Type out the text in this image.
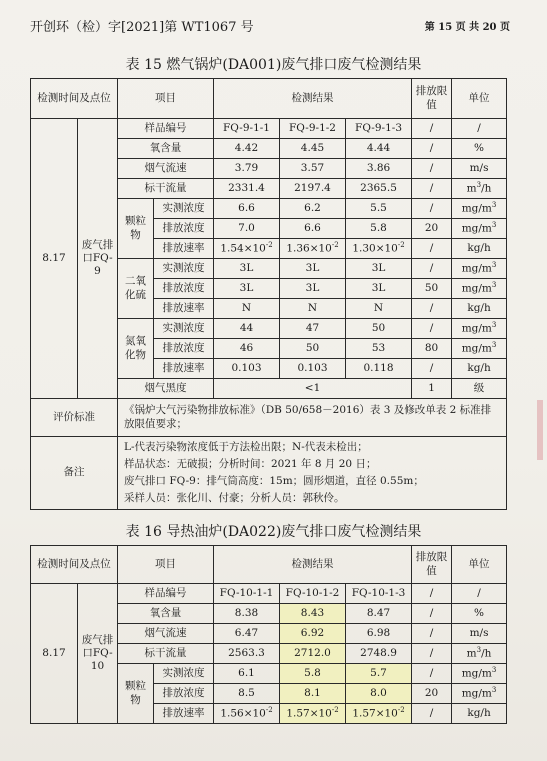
开创环（检）字[2021]第 WT1067 号	第 15 页 共 20 页
表 15 燃气锅炉(DA001)废气排口废气检测结果
检测时间及点位		项目		检测结果			排放限值	单位
8.17	废气排口FQ-9	样品编号		FQ-9-1-1	FQ-9-1-2	FQ-9-1-3	/	/
		氧含量		4.42	4.45	4.44	/	%
		烟气流速		3.79	3.57	3.86	/	m/s
		标干流量		2331.4	2197.4	2365.5	/	$m^3/h$
		颗粒物	实测浓度	6.6	6.2	5.5	/	$mg/m^3$
			排放浓度	7.0	6.6	5.8	20	$mg/m^3$
			排放速率	$1.54\times 10^{-2}$	$1.36\times 10^{-2}$	$1.30\times 10^{-2}$	/	kg/h
		二氧化硫	实测浓度	3L	3L	3L	/	$mg/m^3$
			排放浓度	3L	3L	3L	50	$mg/m^3$
			排放速率	N	N	N	/	kg/h
		氮氧化物	实测浓度	44	47	50	/	$mg/m^3$
			排放浓度	46	50	53	80	$mg/m^3$
			排放速率	0.103	0.103	0.118	/	kg/h
		烟气黑度		<1			1	级
评价标准		《锅炉大气污染物排放标准》（DB 50/658－2016）表 3 及修改单表 2 标准排放限值要求；						
备注		L-代表污染物浓度低于方法检出限；N-代表未检出；
样品状态：无破损；分析时间：2021 年 8 月 20 日；
废气排口 FQ-9：排气筒高度：15m；圆形烟道，直径 0.55m；
采样人员：张化川、付豪；分析人员：郭秋伶。						
表 16 导热油炉(DA022)废气排口废气检测结果
检测时间及点位		项目		检测结果			排放限值	单位
8.17	废气排口FQ-10	样品编号		FQ-10-1-1	FQ-10-1-2	FQ-10-1-3	/	/
		氧含量		8.38	8.43	8.47	/	%
		烟气流速		6.47	6.92	6.98	/	m/s
		标干流量		2563.3	2712.0	2748.9	/	$m^3/h$
		颗粒物	实测浓度	6.1	5.8	5.7	/	$mg/m^3$
			排放浓度	8.5	8.1	8.0	20	$mg/m^3$
			排放速率	$1.56\times 10^{-2}$	$1.57\times 10^{-2}$	$1.57\times 10^{-2}$	/	kg/h
